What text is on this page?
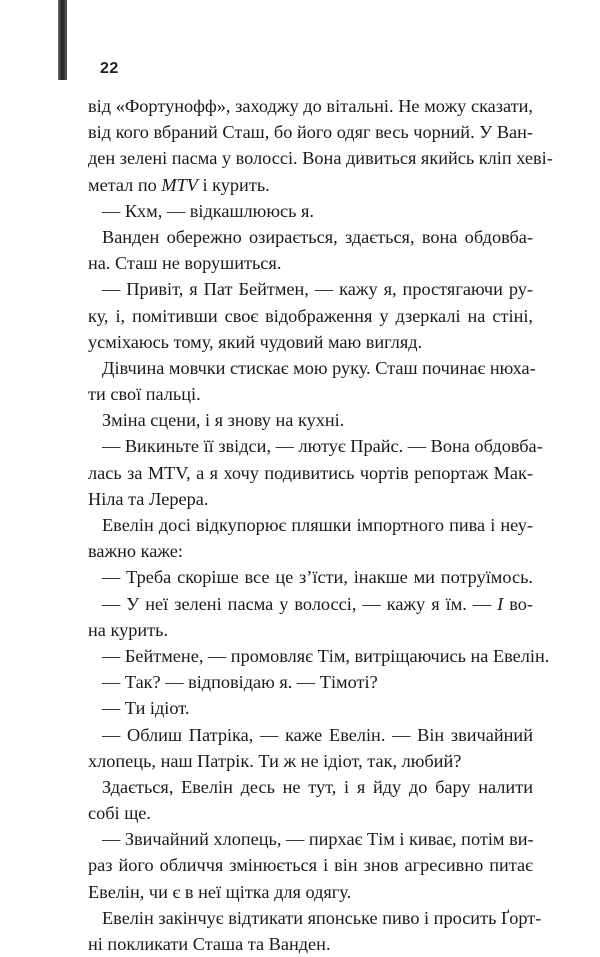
22
від «Фортунофф», заходжу до вітальні. Не можу сказати,
від кого вбраний Сташ, бо його одяг весь чорний. У Ван-
ден зелені пасма у волоссі. Вона дивиться якийсь кліп хеві-
метал по MTV і курить.
— Кхм, — відкашлююсь я.
Ванден обережно озирається, здається, вона обдовба-
на. Сташ не ворушиться.
— Привіт, я Пат Бейтмен, — кажу я, простягаючи ру-
ку, і, помітивши своє відображення у дзеркалі на стіні,
усміхаюсь тому, який чудовий маю вигляд.
Дівчина мовчки стискає мою руку. Сташ починає нюха-
ти свої пальці.
Зміна сцени, і я знову на кухні.
— Викиньте її звідси, — лютує Прайс. — Вона обдовба-
лась за MTV, а я хочу подивитись чортів репортаж Мак-
Ніла та Лерера.
Евелін досі відкупорює пляшки імпортного пива і неу-
важно каже:
— Треба скоріше все це з’їсти, інакше ми потруїмось.
— У неї зелені пасма у волоссі, — кажу я їм. — І во-
на курить.
— Бейтмене, — промовляє Тім, витріщаючись на Евелін.
— Так? — відповідаю я. — Тімоті?
— Ти ідіот.
— Облиш Патріка, — каже Евелін. — Він звичайний
хлопець, наш Патрік. Ти ж не ідіот, так, любий?
Здається, Евелін десь не тут, і я йду до бару налити
собі ще.
— Звичайний хлопець, — пирхає Тім і киває, потім ви-
раз його обличчя змінюється і він знов агресивно питає
Евелін, чи є в неї щітка для одягу.
Евелін закінчує відтикати японське пиво і просить Ґорт-
ні покликати Сташа та Ванден.
